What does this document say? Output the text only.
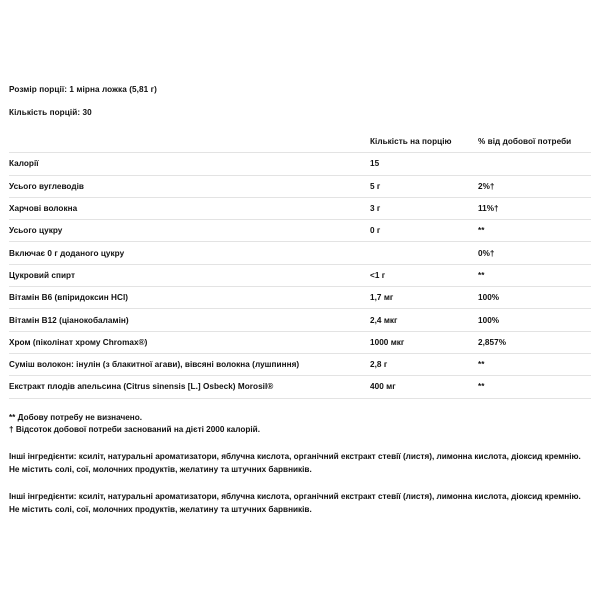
Розмір порції: 1 мірна ложка (5,81 г)
Кількість порцій: 30
	Кількість на порцію	% від добової потреби
Калорії	15	
Усього вуглеводів	5 г	2%†
Харчові волокна	3 г	11%†
Усього цукру	0 г	**
Включає 0 г доданого цукру		0%†
Цукровий спирт	<1 г	**
Вітамін B6 (впіридоксин HCl)	1,7 мг	100%
Вітамін B12 (ціанокобаламін)	2,4 мкг	100%
Хром (піколінат хрому Chromax®)	1000 мкг	2,857%
Суміш волокон: інулін (з блакитної агави), вівсяні волокна (лушпиння)	2,8 г	**
Екстракт плодів апельсина (Citrus sinensis [L.] Osbeck) Morosil®	400 мг	**
** Добову потребу не визначено.
† Відсоток добової потреби заснований на дієті 2000 калорій.
Інші інгредієнти: ксиліт, натуральні ароматизатори, яблучна кислота, органічний екстракт стевії (листя), лимонна кислота, діоксид кремнію.
Не містить солі, сої, молочних продуктів, желатину та штучних барвників.
Інші інгредієнти: ксиліт, натуральні ароматизатори, яблучна кислота, органічний екстракт стевії (листя), лимонна кислота, діоксид кремнію.
Не містить солі, сої, молочних продуктів, желатину та штучних барвників.
